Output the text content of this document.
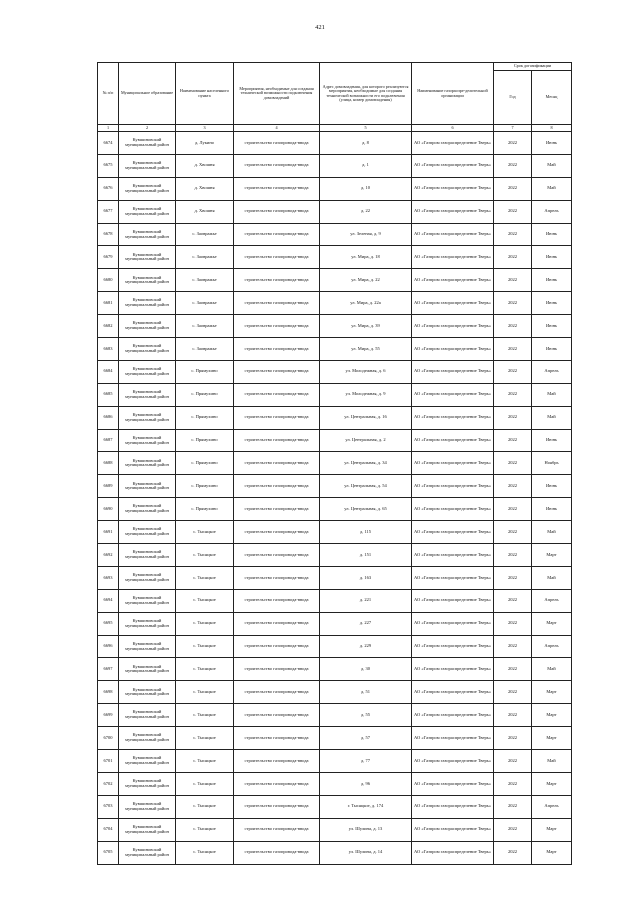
421
№ п/п	Муниципальное образование	Наименование населенного пункта	Мероприятия, необходимые для создания технической возможности подключения домовладений	Адрес домовладения, для которого реализуются мероприятия, необходимые для создания технической возможности его подключения (улица, номер домовладения)	Наименование газораспре-делительной организации	Срок догазификации	
						Год	Месяц
1	2	3	4	5	6	7	8
6674	Кувшиновский муниципальный район	д. Лукино	строительство газопровода-ввода	д. 8	АО «Газпром газораспределение Тверь»	2022	Июнь
6675	Кувшиновский муниципальный район	д. Хвошня	строительство газопровода-ввода	д. 1	АО «Газпром газораспределение Тверь»	2022	Май
6676	Кувшиновский муниципальный район	д. Хвошня	строительство газопровода-ввода	д. 10	АО «Газпром газораспределение Тверь»	2022	Май
6677	Кувшиновский муниципальный район	д. Хвошня	строительство газопровода-ввода	д. 22	АО «Газпром газораспределение Тверь»	2022	Апрель
6678	Кувшиновский муниципальный район	с. Заовражье	строительство газопровода-ввода	ул. Зеленая, д. 9	АО «Газпром газораспределение Тверь»	2022	Июнь
6679	Кувшиновский муниципальный район	с. Заовражье	строительство газопровода-ввода	ул. Мира, д. 18	АО «Газпром газораспределение Тверь»	2022	Июнь
6680	Кувшиновский муниципальный район	с. Заовражье	строительство газопровода-ввода	ул. Мира, д. 22	АО «Газпром газораспределение Тверь»	2022	Июнь
6681	Кувшиновский муниципальный район	с. Заовражье	строительство газопровода-ввода	ул. Мира, д. 22а	АО «Газпром газораспределение Тверь»	2022	Июнь
6682	Кувшиновский муниципальный район	с. Заовражье	строительство газопровода-ввода	ул. Мира, д. 39	АО «Газпром газораспределение Тверь»	2022	Июнь
6683	Кувшиновский муниципальный район	с. Заовражье	строительство газопровода-ввода	ул. Мира, д. 55	АО «Газпром газораспределение Тверь»	2022	Июнь
6684	Кувшиновский муниципальный район	с. Прямухино	строительство газопровода-ввода	ул. Молодежная, д. 6	АО «Газпром газораспределение Тверь»	2022	Апрель
6685	Кувшиновский муниципальный район	с. Прямухино	строительство газопровода-ввода	ул. Молодежная, д. 9	АО «Газпром газораспределение Тверь»	2022	Май
6686	Кувшиновский муниципальный район	с. Прямухино	строительство газопровода-ввода	ул. Центральная, д. 16	АО «Газпром газораспределение Тверь»	2022	Май
6687	Кувшиновский муниципальный район	с. Прямухино	строительство газопровода-ввода	ул. Центральная, д. 2	АО «Газпром газораспределение Тверь»	2022	Июнь
6688	Кувшиновский муниципальный район	с. Прямухино	строительство газопровода-ввода	ул. Центральная, д. 34	АО «Газпром газораспределение Тверь»	2022	Ноябрь
6689	Кувшиновский муниципальный район	с. Прямухино	строительство газопровода-ввода	ул. Центральная, д. 54	АО «Газпром газораспределение Тверь»	2022	Июнь
6690	Кувшиновский муниципальный район	с. Прямухино	строительство газопровода-ввода	ул. Центральная, д. 65	АО «Газпром газораспределение Тверь»	2022	Июнь
6691	Кувшиновский муниципальный район	с. Тысяцкое	строительство газопровода-ввода	д. 115	АО «Газпром газораспределение Тверь»	2022	Май
6692	Кувшиновский муниципальный район	с. Тысяцкое	строительство газопровода-ввода	д. 151	АО «Газпром газораспределение Тверь»	2022	Март
6693	Кувшиновский муниципальный район	с. Тысяцкое	строительство газопровода-ввода	д. 163	АО «Газпром газораспределение Тверь»	2022	Май
6694	Кувшиновский муниципальный район	с. Тысяцкое	строительство газопровода-ввода	д. 221	АО «Газпром газораспределение Тверь»	2022	Апрель
6695	Кувшиновский муниципальный район	с. Тысяцкое	строительство газопровода-ввода	д. 227	АО «Газпром газораспределение Тверь»	2022	Март
6696	Кувшиновский муниципальный район	с. Тысяцкое	строительство газопровода-ввода	д. 229	АО «Газпром газораспределение Тверь»	2022	Апрель
6697	Кувшиновский муниципальный район	с. Тысяцкое	строительство газопровода-ввода	д. 30	АО «Газпром газораспределение Тверь»	2022	Май
6698	Кувшиновский муниципальный район	с. Тысяцкое	строительство газопровода-ввода	д. 51	АО «Газпром газораспределение Тверь»	2022	Март
6699	Кувшиновский муниципальный район	с. Тысяцкое	строительство газопровода-ввода	д. 55	АО «Газпром газораспределение Тверь»	2022	Март
6700	Кувшиновский муниципальный район	с. Тысяцкое	строительство газопровода-ввода	д. 57	АО «Газпром газораспределение Тверь»	2022	Март
6701	Кувшиновский муниципальный район	с. Тысяцкое	строительство газопровода-ввода	д. 77	АО «Газпром газораспределение Тверь»	2022	Май
6702	Кувшиновский муниципальный район	с. Тысяцкое	строительство газопровода-ввода	д. 96	АО «Газпром газораспределение Тверь»	2022	Март
6703	Кувшиновский муниципальный район	с. Тысяцкое	строительство газопровода-ввода	г. Тысяцкое, д. 174	АО «Газпром газораспределение Тверь»	2022	Апрель
6704	Кувшиновский муниципальный район	с. Тысяцкое	строительство газопровода-ввода	ул. Шулина, д. 13	АО «Газпром газораспределение Тверь»	2022	Март
6705	Кувшиновский муниципальный район	с. Тысяцкое	строительство газопровода-ввода	ул. Шулина, д. 14	АО «Газпром газораспределение Тверь»	2022	Март
